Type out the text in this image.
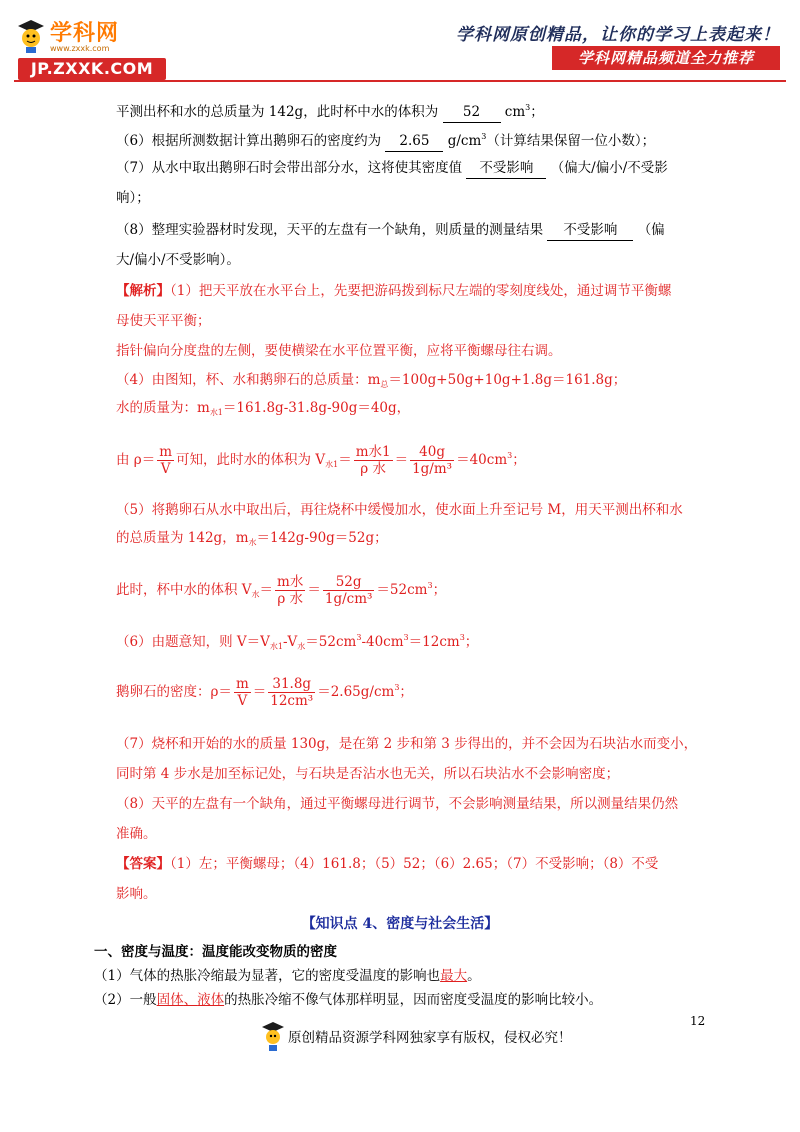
学科网
www.zxxk.com
JP.ZXXK.COM
学科网原创精品，让你的学习上表起来！
学科网精品频道全力推荐
平测出杯和水的总质量为 142g，此时杯中水的体积为 52 $cm^3$；
（6）根据所测数据计算出鹅卵石的密度约为 2.65 $g/cm^3$（计算结果保留一位小数）；
（7）从水中取出鹅卵石时会带出部分水，这将使其密度值 不受影响 （偏大/偏小/不受影
响）；
（8）整理实验器材时发现，天平的左盘有一个缺角，则质量的测量结果 不受影响 （偏
大/偏小/不受影响）。
【解析】（1）把天平放在水平台上，先要把游码拨到标尺左端的零刻度线处，通过调节平衡螺
母使天平平衡；
指针偏向分度盘的左侧，要使横梁在水平位置平衡，应将平衡螺母往右调。
（4）由图知，杯、水和鹅卵石的总质量：$m_总=100g+50g+10g+1.8g=161.8g$；
水的质量为：$m_{水1}=161.8g-31.8g-90g=40g$，
由 $\rho= \frac{m}{V}$ 可知，此时水的体积为 $V_{水1}= \frac{\text{m水1}}{\text{ρ 水}} = \frac{40g}{\text{1g/m³}} =40cm^3$；
（5）将鹅卵石从水中取出后，再往烧杯中缓慢加水，使水面上升至记号 M，用天平测出杯和水
的总质量为 142g，$m_水=142g-90g=52g$；
此时，杯中水的体积 $V_水= \frac{\text{m水}}{\text{ρ 水}} = \frac{52g}{\text{1g/cm³}} =52cm^3$；
（6）由题意知，则 $V=V_{水1}-V_水=52cm^3-40cm^3=12cm^3$；
鹅卵石的密度：$\rho= \frac{m}{V} = \frac{31.8g}{\text{12cm³}} =2.65g/cm^3$；
（7）烧杯和开始的水的质量 130g，是在第 2 步和第 3 步得出的，并不会因为石块沾水而变小，
同时第 4 步水是加至标记处，与石块是否沾水也无关，所以石块沾水不会影响密度；
（8）天平的左盘有一个缺角，通过平衡螺母进行调节，不会影响测量结果，所以测量结果仍然
准确。
【答案】（1）左；平衡螺母；（4）161.8；（5）52；（6）2.65；（7）不受影响；（8）不受
影响。
【知识点 4、密度与社会生活】
一、密度与温度：温度能改变物质的密度
（1）气体的热胀冷缩最为显著，它的密度受温度的影响也最大。
（2）一般固体、液体的热胀冷缩不像气体那样明显，因而密度受温度的影响比较小。
12
原创精品资源学科网独家享有版权，侵权必究！
